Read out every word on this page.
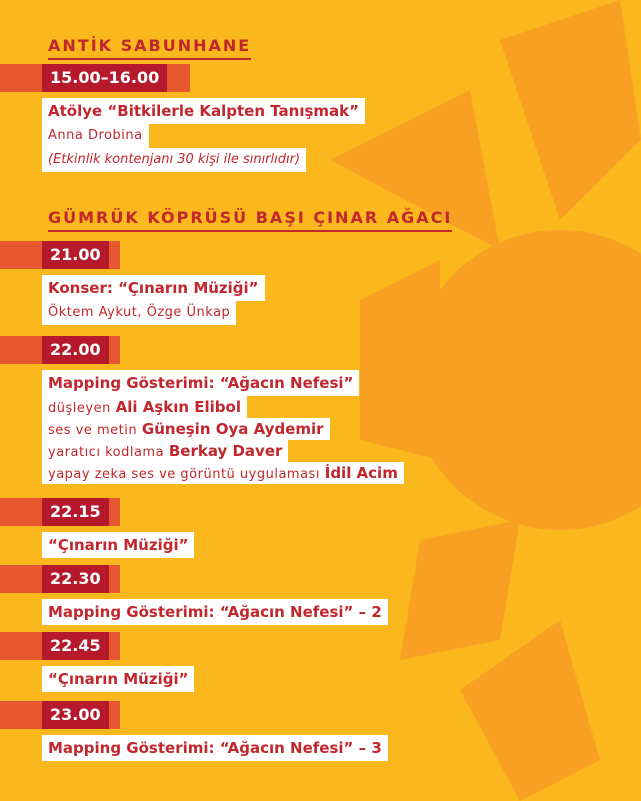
ANTİK SABUNHANE
15.00–16.00
Atölye “Bitkilerle Kalpten Tanışmak”
Anna Drobina
(Etkinlik kontenjanı 30 kişi ile sınırlıdır)
GÜMRÜK KÖPRÜSÜ BAŞI ÇINAR AĞACI
21.00
Konser: “Çınarın Müziği”
Öktem Aykut, Özge Ünkap
22.00
Mapping Gösterimi: “Ağacın Nefesi”
düşleyen Ali Aşkın Elibol
ses ve metin Güneşin Oya Aydemir
yaratıcı kodlama Berkay Daver
yapay zeka ses ve görüntü uygulaması İdil Acim
22.15
“Çınarın Müziği”
22.30
Mapping Gösterimi: “Ağacın Nefesi” – 2
22.45
“Çınarın Müziği”
23.00
Mapping Gösterimi: “Ağacın Nefesi” – 3
